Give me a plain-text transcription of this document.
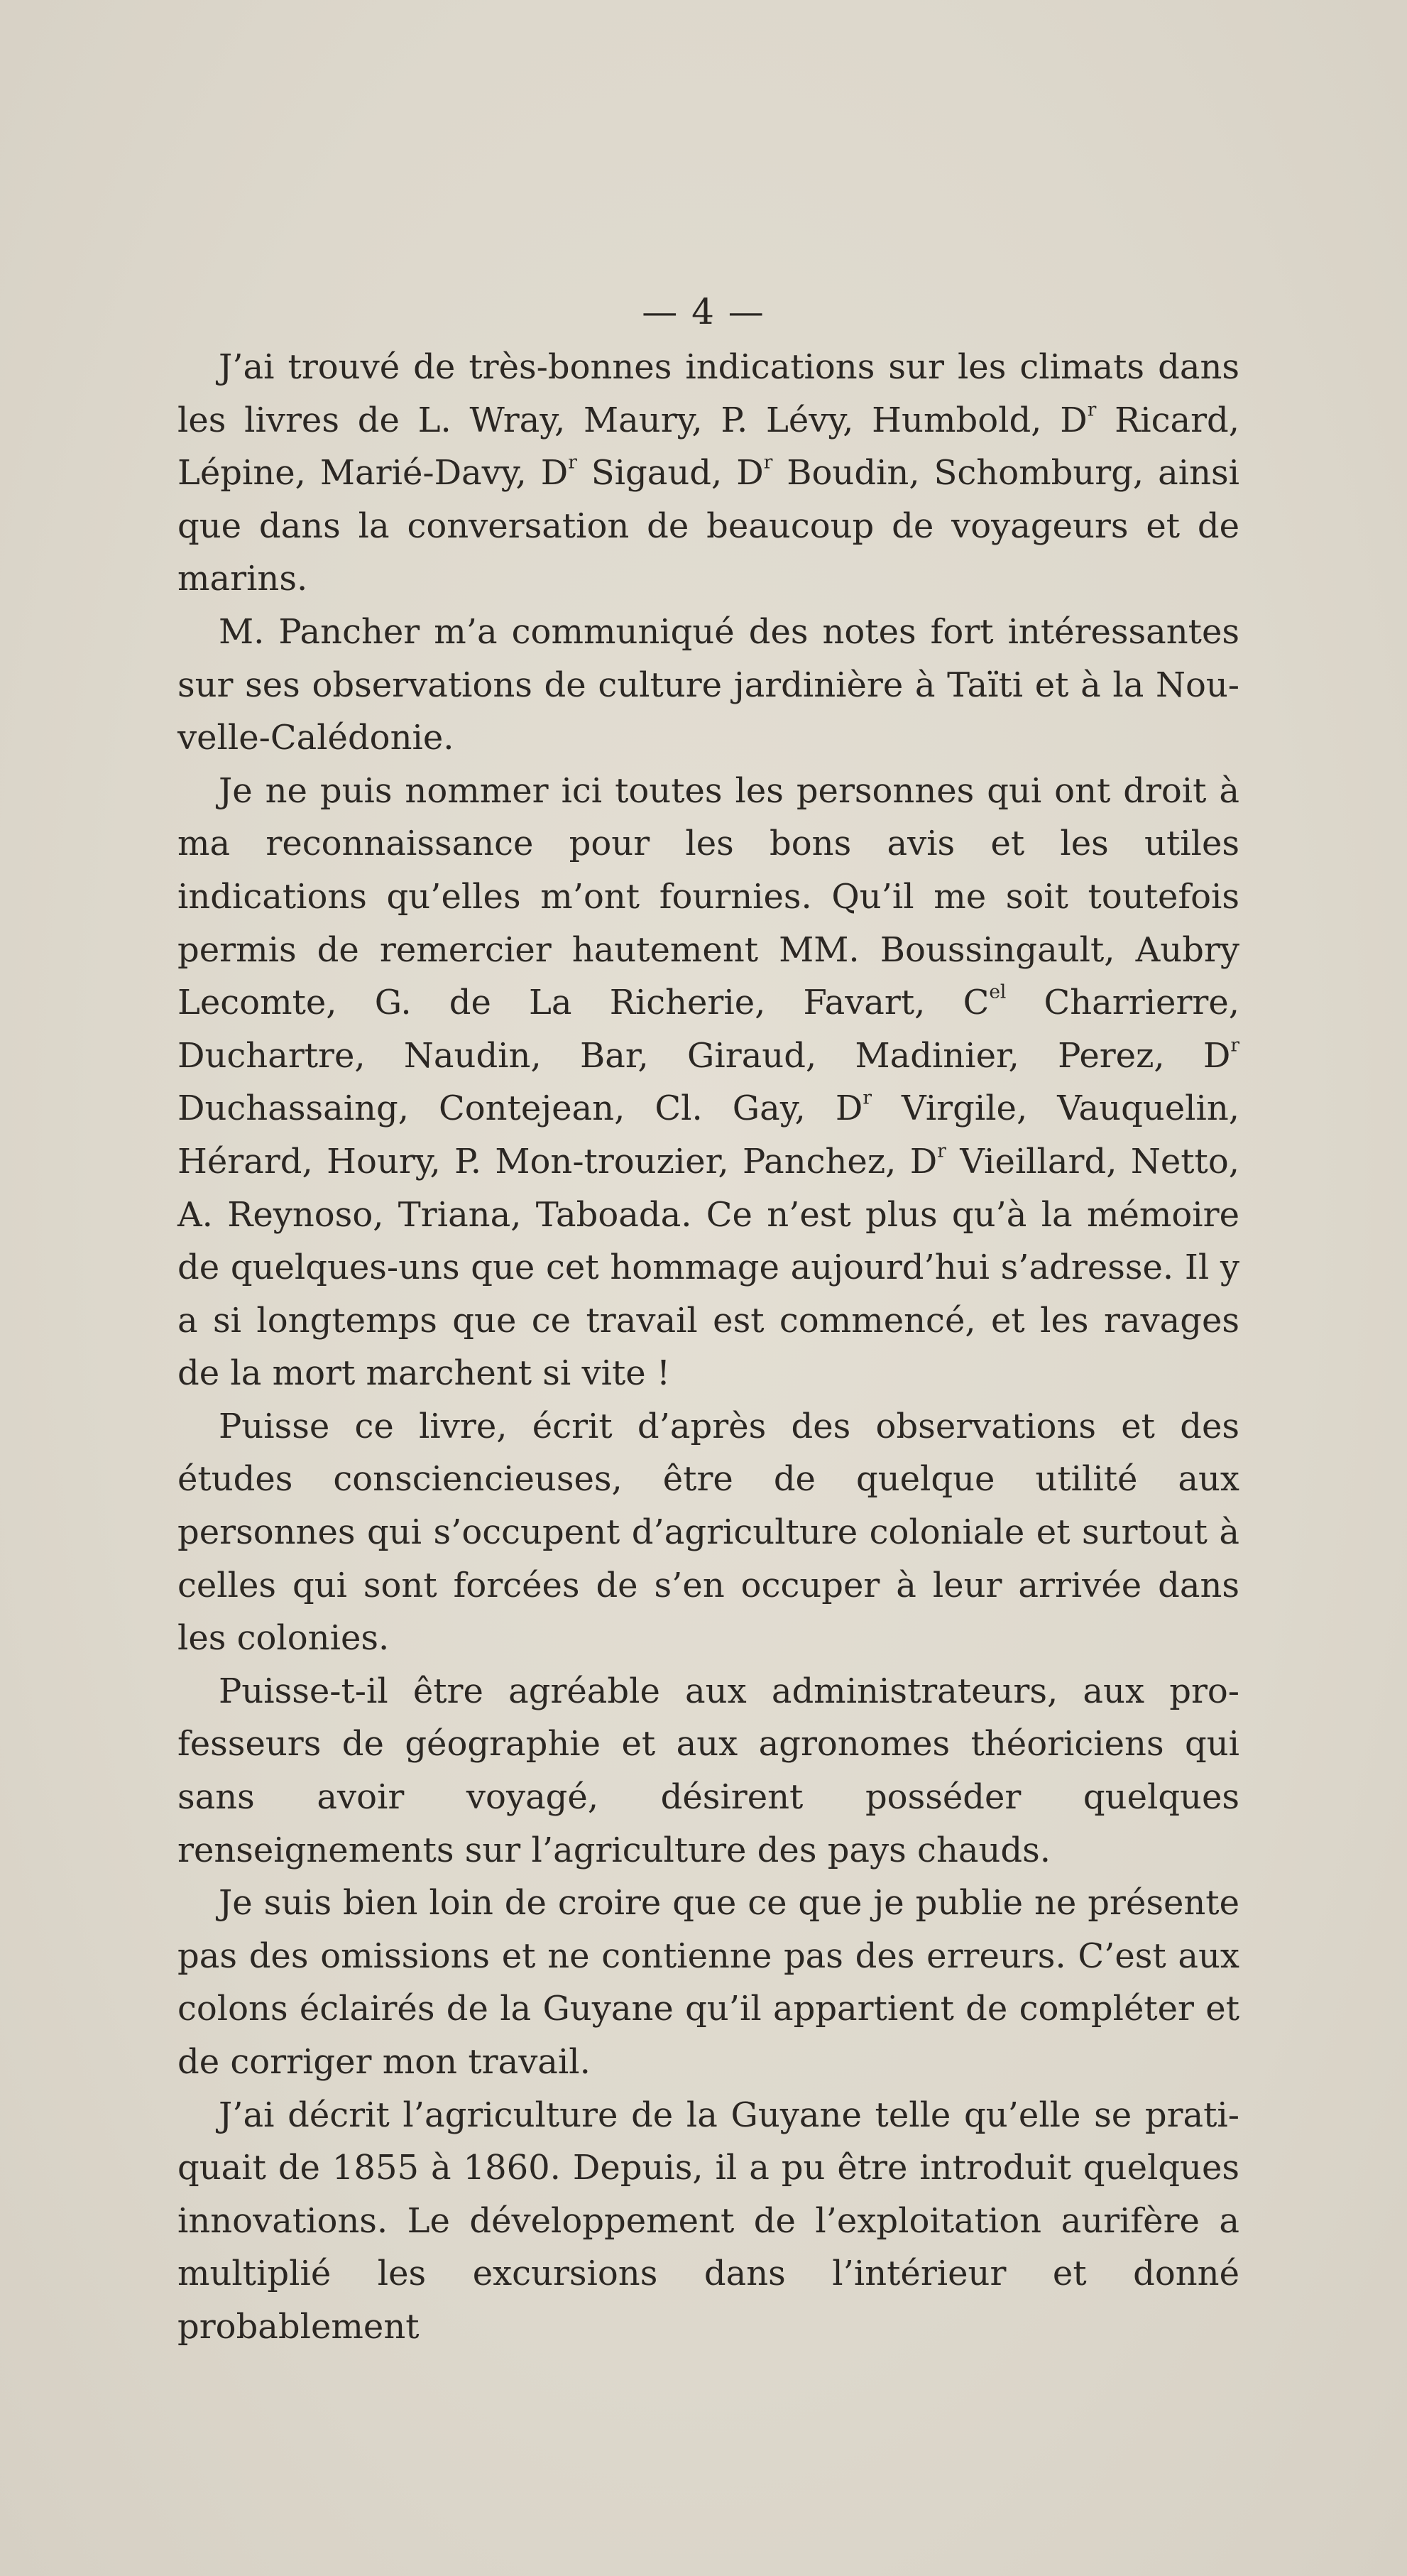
— 4 —

J’ai trouvé de très-bonnes indications sur les climats dans les livres de L. Wray, Maury, P. Lévy, Humbold, $D^r$ Ricard, Lépine, Marié-Davy, $D^r$ Sigaud, $D^r$ Boudin, Schomburg, ainsi que dans la conversation de beaucoup de voyageurs et de marins.

M. Pancher m’a communiqué des notes fort intéressantes sur ses observations de culture jardinière à Taïti et à la Nou-velle-Calédonie.

Je ne puis nommer ici toutes les personnes qui ont droit à ma reconnaissance pour les bons avis et les utiles indications qu’elles m’ont fournies. Qu’il me soit toutefois permis de remercier hautement MM. Boussingault, Aubry Lecomte, G. de La Richerie, Favart, $C^{el}$ Charrierre, Duchartre, Naudin, Bar, Giraud, Madinier, Perez, $D^r$ Duchassaing, Contejean, Cl. Gay, $D^r$ Virgile, Vauquelin, Hérard, Houry, P. Mon-trouzier, Panchez, $D^r$ Vieillard, Netto, A. Reynoso, Triana, Taboada. Ce n’est plus qu’à la mémoire de quelques-uns que cet hommage aujourd’hui s’adresse. Il y a si longtemps que ce travail est commencé, et les ravages de la mort marchent si vite !

Puisse ce livre, écrit d’après des observations et des études consciencieuses, être de quelque utilité aux personnes qui s’occupent d’agriculture coloniale et surtout à celles qui sont forcées de s’en occuper à leur arrivée dans les colonies.

Puisse-t-il être agréable aux administrateurs, aux pro-fesseurs de géographie et aux agronomes théoriciens qui sans avoir voyagé, désirent posséder quelques renseignements sur l’agriculture des pays chauds.

Je suis bien loin de croire que ce que je publie ne présente pas des omissions et ne contienne pas des erreurs. C’est aux colons éclairés de la Guyane qu’il appartient de compléter et de corriger mon travail.

J’ai décrit l’agriculture de la Guyane telle qu’elle se prati-quait de 1855 à 1860. Depuis, il a pu être introduit quelques innovations. Le développement de l’exploitation aurifère a multiplié les excursions dans l’intérieur et donné probablement
